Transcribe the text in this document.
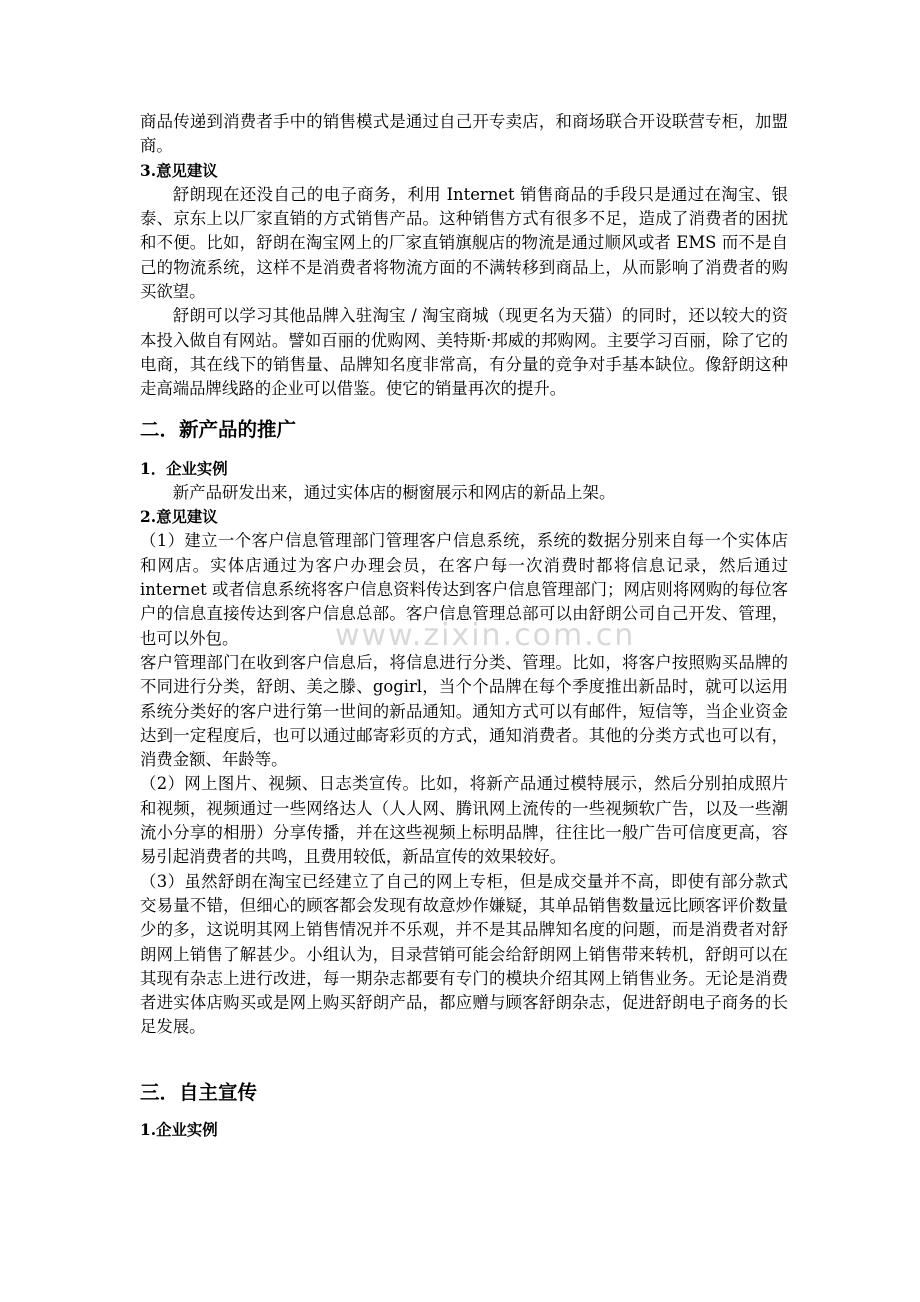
商品传递到消费者手中的销售模式是通过自己开专卖店，和商场联合开设联营专柜，加盟商。

3.意见建议

舒朗现在还没自己的电子商务，利用 Internet 销售商品的手段只是通过在淘宝、银泰、京东上以厂家直销的方式销售产品。这种销售方式有很多不足，造成了消费者的困扰和不便。比如，舒朗在淘宝网上的厂家直销旗舰店的物流是通过顺风或者 EMS 而不是自己的物流系统，这样不是消费者将物流方面的不满转移到商品上，从而影响了消费者的购买欲望。

舒朗可以学习其他品牌入驻淘宝 / 淘宝商城（现更名为天猫）的同时，还以较大的资本投入做自有网站。譬如百丽的优购网、美特斯·邦威的邦购网。主要学习百丽，除了它的电商，其在线下的销售量、品牌知名度非常高，有分量的竞争对手基本缺位。像舒朗这种走高端品牌线路的企业可以借鉴。使它的销量再次的提升。

二．新产品的推广

1．企业实例

新产品研发出来，通过实体店的橱窗展示和网店的新品上架。

2.意见建议

（1）建立一个客户信息管理部门管理客户信息系统，系统的数据分别来自每一个实体店和网店。实体店通过为客户办理会员，在客户每一次消费时都将信息记录，然后通过 internet 或者信息系统将客户信息资料传达到客户信息管理部门；网店则将网购的每位客户的信息直接传达到客户信息总部。客户信息管理总部可以由舒朗公司自己开发、管理，也可以外包。

客户管理部门在收到客户信息后，将信息进行分类、管理。比如，将客户按照购买品牌的不同进行分类，舒朗、美之滕、gogirl，当个个品牌在每个季度推出新品时，就可以运用系统分类好的客户进行第一世间的新品通知。通知方式可以有邮件，短信等，当企业资金达到一定程度后，也可以通过邮寄彩页的方式，通知消费者。其他的分类方式也可以有，消费金额、年龄等。

（2）网上图片、视频、日志类宣传。比如，将新产品通过模特展示，然后分别拍成照片和视频，视频通过一些网络达人（人人网、腾讯网上流传的一些视频软广告，以及一些潮流小分享的相册）分享传播，并在这些视频上标明品牌，往往比一般广告可信度更高，容易引起消费者的共鸣，且费用较低，新品宣传的效果较好。

（3）虽然舒朗在淘宝已经建立了自己的网上专柜，但是成交量并不高，即使有部分款式交易量不错，但细心的顾客都会发现有故意炒作嫌疑，其单品销售数量远比顾客评价数量少的多，这说明其网上销售情况并不乐观，并不是其品牌知名度的问题，而是消费者对舒朗网上销售了解甚少。小组认为，目录营销可能会给舒朗网上销售带来转机，舒朗可以在其现有杂志上进行改进，每一期杂志都要有专门的模块介绍其网上销售业务。无论是消费者进实体店购买或是网上购买舒朗产品，都应赠与顾客舒朗杂志，促进舒朗电子商务的长足发展。

三．自主宣传

1.企业实例

www.zixin.com.cn
